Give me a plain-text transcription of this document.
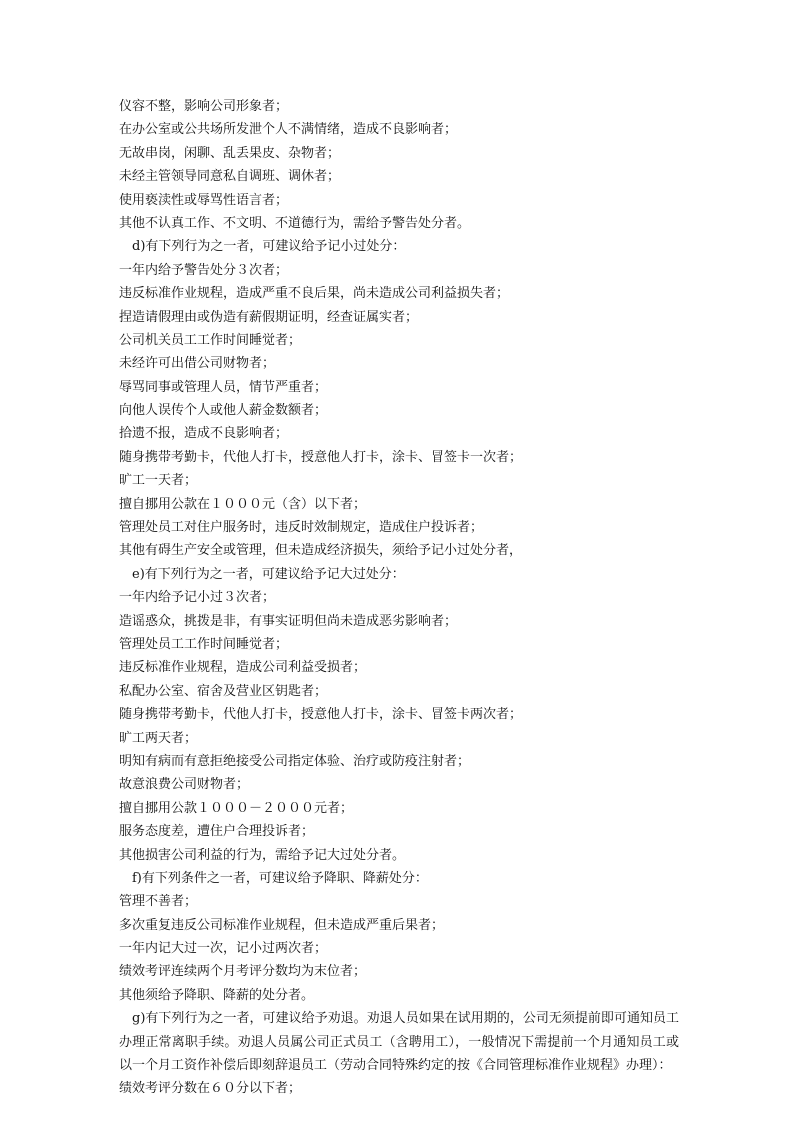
仪容不整，影响公司形象者；
在办公室或公共场所发泄个人不满情绪，造成不良影响者；
无故串岗，闲聊、乱丢果皮、杂物者；
未经主管领导同意私自调班、调休者；
使用亵渎性或辱骂性语言者；
其他不认真工作、不文明、不道德行为，需给予警告处分者。
d)有下列行为之一者，可建议给予记小过处分：
一年内给予警告处分３次者；
违反标准作业规程，造成严重不良后果，尚未造成公司利益损失者；
捏造请假理由或伪造有薪假期证明，经查证属实者；
公司机关员工工作时间睡觉者；
未经许可出借公司财物者；
辱骂同事或管理人员，情节严重者；
向他人误传个人或他人薪金数额者；
拾遗不报，造成不良影响者；
随身携带考勤卡，代他人打卡，授意他人打卡，涂卡、冒签卡一次者；
旷工一天者；
擅自挪用公款在１０００元（含）以下者；
管理处员工对住户服务时，违反时效制规定，造成住户投诉者；
其他有碍生产安全或管理，但未造成经济损失，须给予记小过处分者，
e)有下列行为之一者，可建议给予记大过处分：
一年内给予记小过３次者；
造谣惑众，挑拨是非，有事实证明但尚未造成恶劣影响者；
管理处员工工作时间睡觉者；
违反标准作业规程，造成公司利益受损者；
私配办公室、宿舍及营业区钥匙者；
随身携带考勤卡，代他人打卡，授意他人打卡，涂卡、冒签卡两次者；
旷工两天者；
明知有病而有意拒绝接受公司指定体验、治疗或防疫注射者；
故意浪费公司财物者；
擅自挪用公款１０００－２０００元者；
服务态度差，遭住户合理投诉者；
其他损害公司利益的行为，需给予记大过处分者。
f)有下列条件之一者，可建议给予降职、降薪处分：
管理不善者；
多次重复违反公司标准作业规程，但未造成严重后果者；
一年内记大过一次，记小过两次者；
绩效考评连续两个月考评分数均为末位者；
其他须给予降职、降薪的处分者。
g)有下列行为之一者，可建议给予劝退。劝退人员如果在试用期的，公司无须提前即可通知员工办理正常离职手续。劝退人员属公司正式员工（含聘用工），一般情况下需提前一个月通知员工或以一个月工资作补偿后即刻辞退员工（劳动合同特殊约定的按《合同管理标准作业规程》办理）：
绩效考评分数在６０分以下者；
